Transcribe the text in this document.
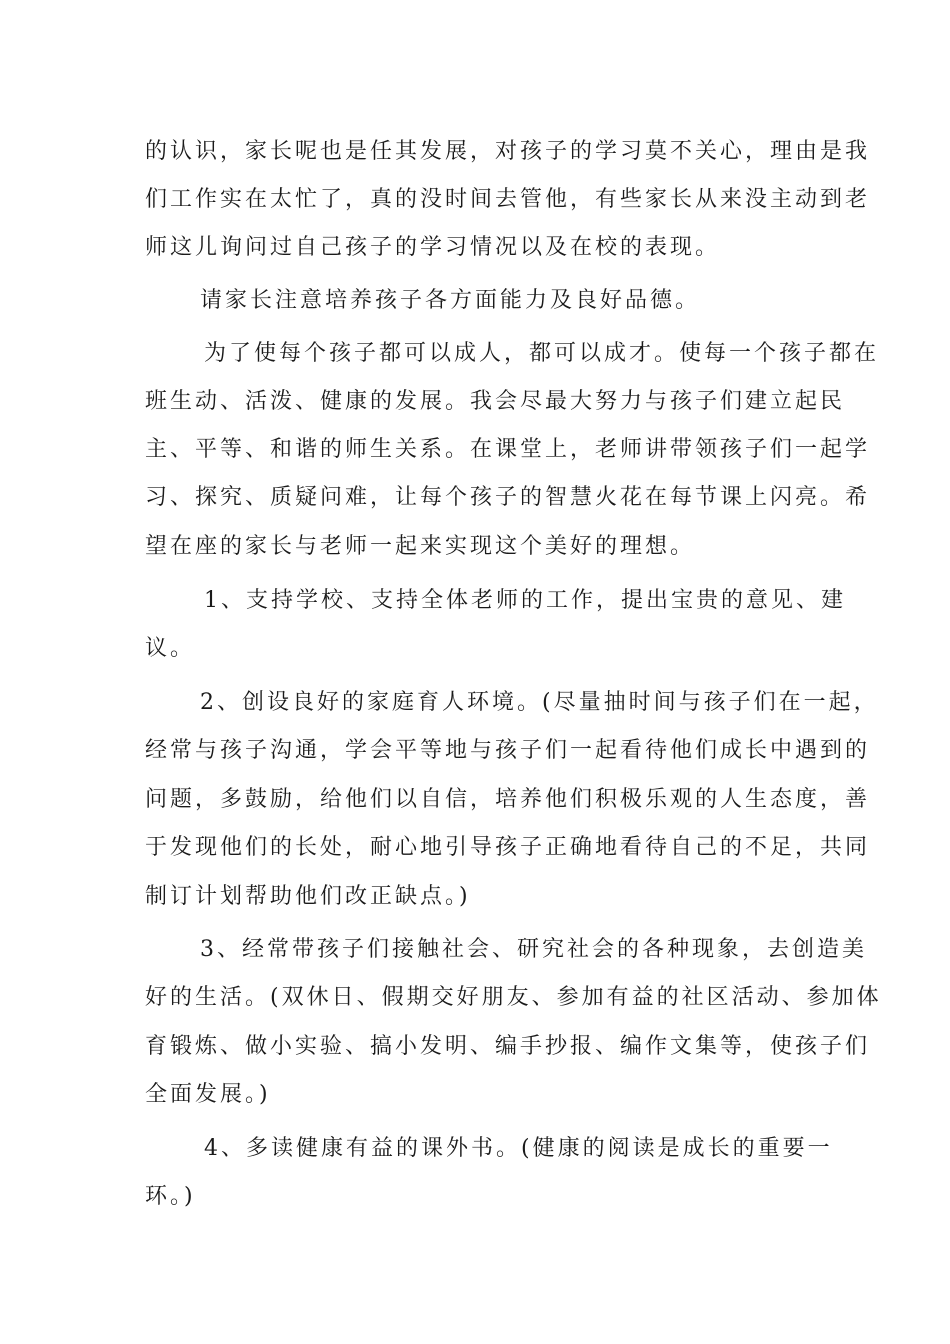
的认识，家长呢也是任其发展，对孩子的学习莫不关心，理由是我
们工作实在太忙了，真的没时间去管他，有些家长从来没主动到老
师这儿询问过自己孩子的学习情况以及在校的表现。
请家长注意培养孩子各方面能力及良好品德。
为了使每个孩子都可以成人，都可以成才。使每一个孩子都在
班生动、活泼、健康的发展。我会尽最大努力与孩子们建立起民
主、平等、和谐的师生关系。在课堂上，老师讲带领孩子们一起学
习、探究、质疑问难，让每个孩子的智慧火花在每节课上闪亮。希
望在座的家长与老师一起来实现这个美好的理想。
1、支持学校、支持全体老师的工作，提出宝贵的意见、建
议。
2、创设良好的家庭育人环境。(尽量抽时间与孩子们在一起，
经常与孩子沟通，学会平等地与孩子们一起看待他们成长中遇到的
问题，多鼓励，给他们以自信，培养他们积极乐观的人生态度，善
于发现他们的长处，耐心地引导孩子正确地看待自己的不足，共同
制订计划帮助他们改正缺点。)
3、经常带孩子们接触社会、研究社会的各种现象，去创造美
好的生活。(双休日、假期交好朋友、参加有益的社区活动、参加体
育锻炼、做小实验、搞小发明、编手抄报、编作文集等，使孩子们
全面发展。)
4、多读健康有益的课外书。(健康的阅读是成长的重要一
环。)
